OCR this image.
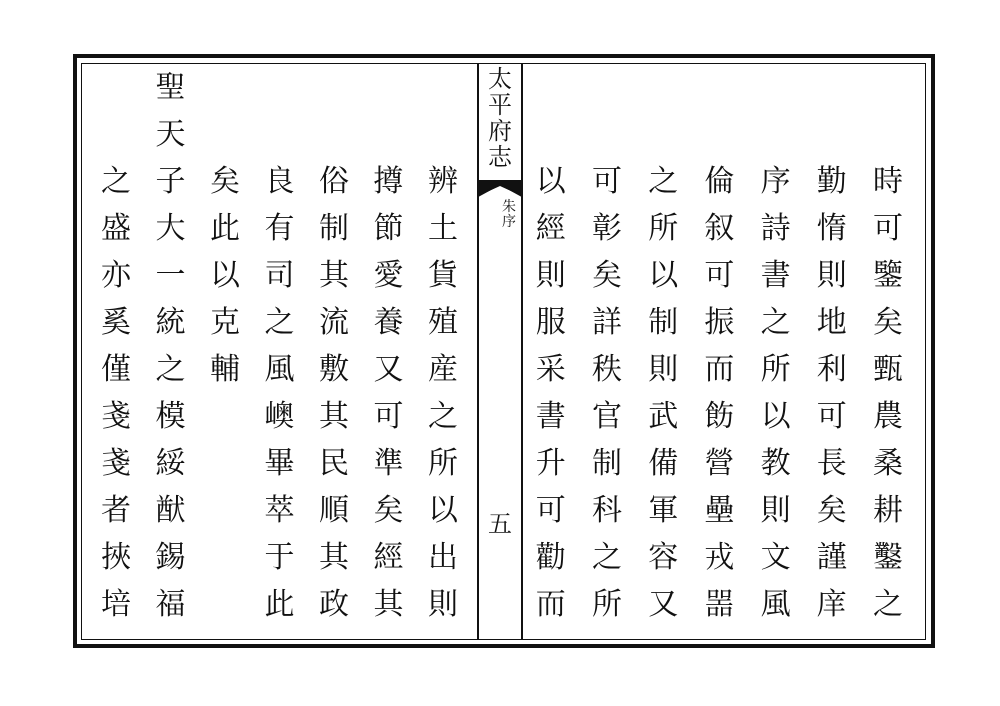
太
平
府
志
朱
序
五
時
可
鑒
矣
甄
農
桑
耕
鑿
之
勤
惰
則
地
利
可
長
矣
謹
庠
序
詩
書
之
所
以
教
則
文
風
倫
叙
可
振
而
飭
營
壘
戎
噐
之
所
以
制
則
武
備
軍
容
又
可
彰
矣
詳
秩
官
制
科
之
所
以
經
則
服
采
書
升
可
勸
而
辨
土
貨
殖
産
之
所
以
出
則
撙
節
愛
養
又
可
準
矣
經
其
俗
制
其
流
敷
其
民
順
其
政
良
有
司
之
風
㠗
畢
萃
于
此
矣
此
以
克
輔
聖
天
子
大
一
統
之
模
綏
猷
錫
福
之
盛
亦
奚
僅
戔
戔
者
挾
培
